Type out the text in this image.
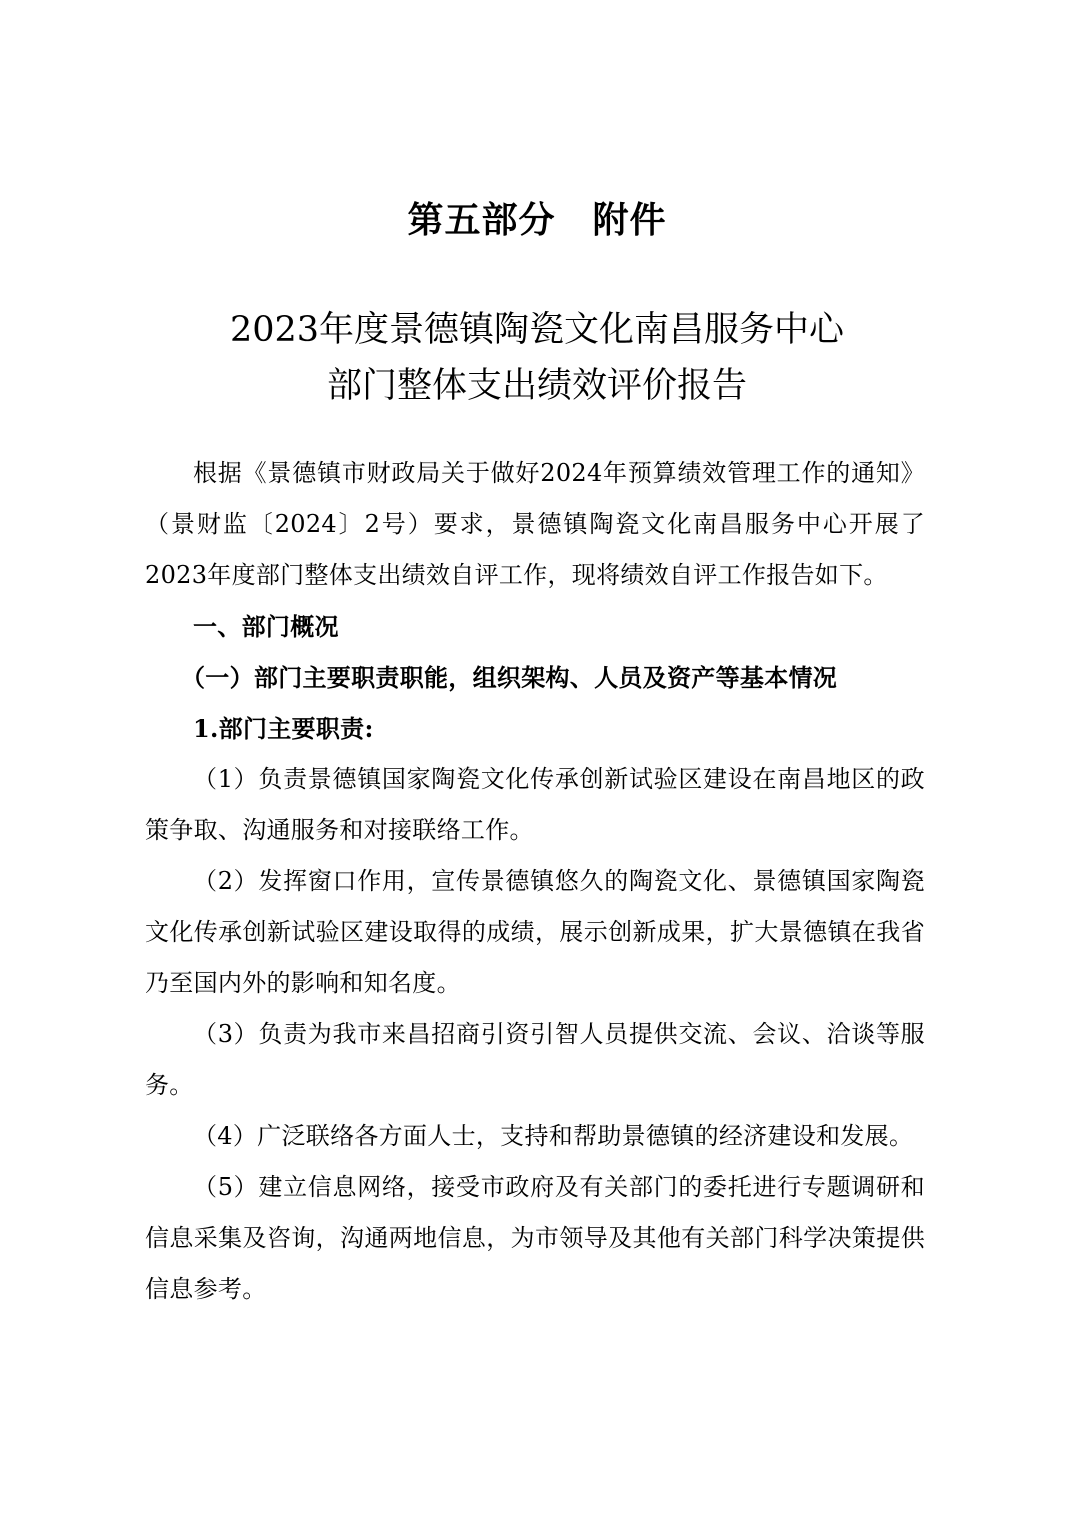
第五部分　附件
2023年度景德镇陶瓷文化南昌服务中心
部门整体支出绩效评价报告

根据《景德镇市财政局关于做好2024年预算绩效管理工作的通知》（景财监〔2024〕2号）要求，景德镇陶瓷文化南昌服务中心开展了2023年度部门整体支出绩效自评工作，现将绩效自评工作报告如下。

一、部门概况

（一）部门主要职责职能，组织架构、人员及资产等基本情况

1.部门主要职责:

（1）负责景德镇国家陶瓷文化传承创新试验区建设在南昌地区的政策争取、沟通服务和对接联络工作。

（2）发挥窗口作用，宣传景德镇悠久的陶瓷文化、景德镇国家陶瓷文化传承创新试验区建设取得的成绩，展示创新成果，扩大景德镇在我省乃至国内外的影响和知名度。

（3）负责为我市来昌招商引资引智人员提供交流、会议、洽谈等服务。

（4）广泛联络各方面人士，支持和帮助景德镇的经济建设和发展。

（5）建立信息网络，接受市政府及有关部门的委托进行专题调研和信息采集及咨询，沟通两地信息，为市领导及其他有关部门科学决策提供信息参考。
